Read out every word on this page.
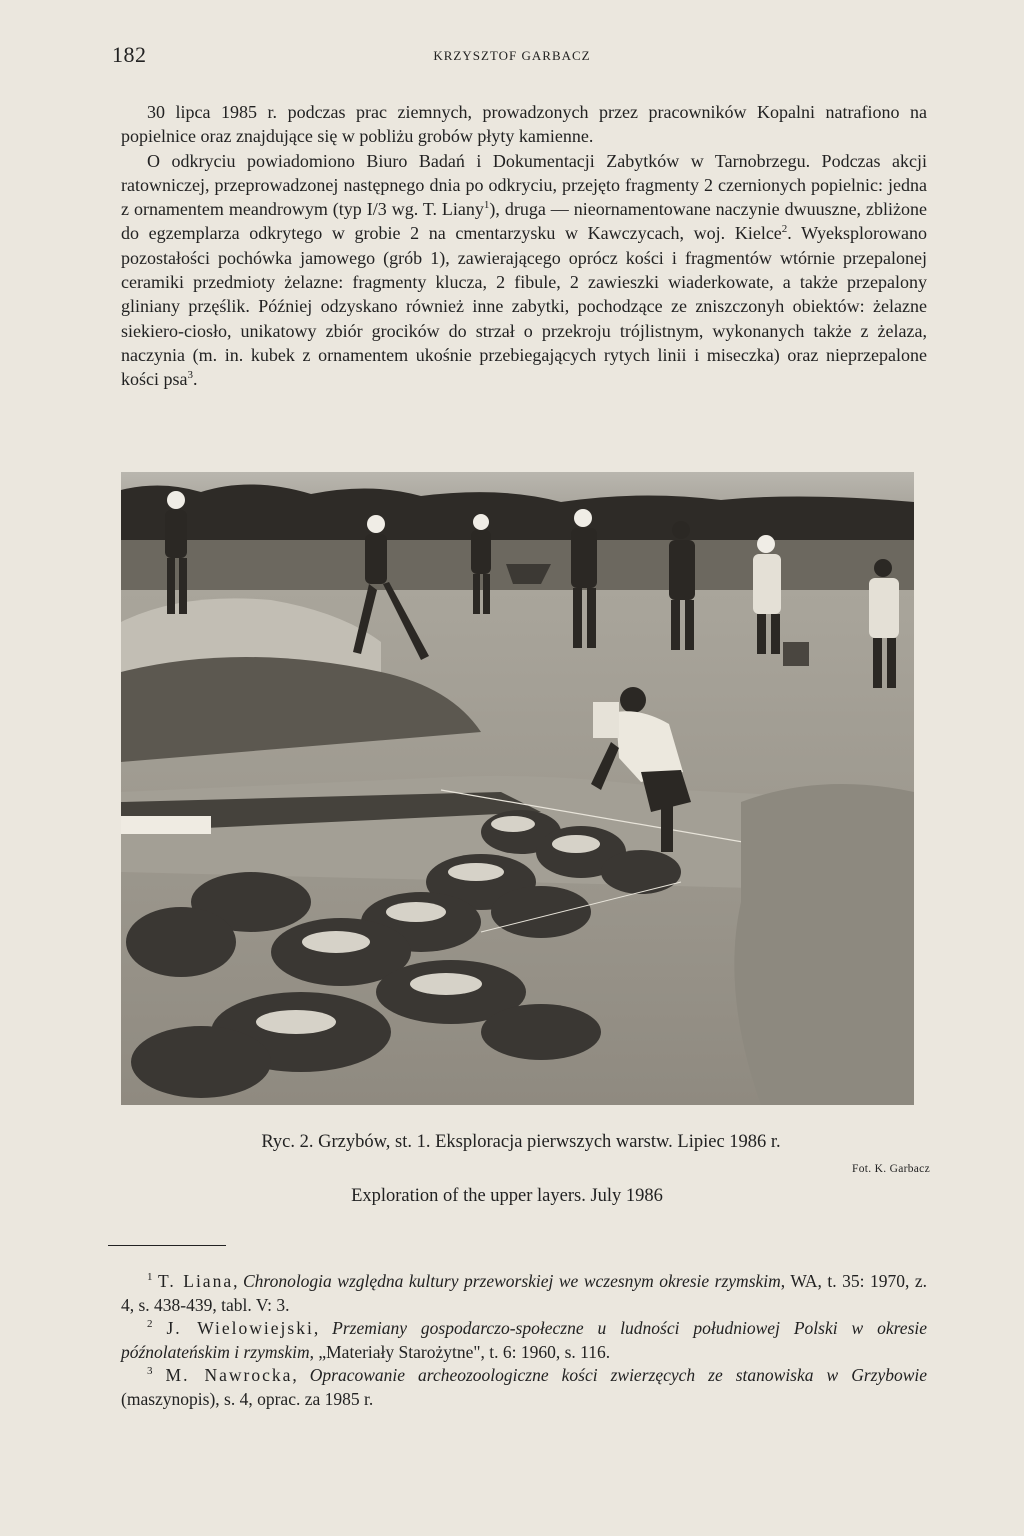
182	KRZYSZTOF GARBACZ

30 lipca 1985 r. podczas prac ziemnych, prowadzonych przez pracowników Kopalni natrafiono na popielnice oraz znajdujące się w pobliżu grobów płyty kamienne.

O odkryciu powiadomiono Biuro Badań i Dokumentacji Zabytków w Tarnobrzegu. Podczas akcji ratowniczej, przeprowadzonej następnego dnia po odkryciu, przejęto fragmenty 2 czernionych popielnic: jedna z ornamentem meandrowym (typ I/3 wg. T. Liany$^1$), druga — nieornamentowane naczynie dwuuszne, zbliżone do egzemplarza odkrytego w grobie 2 na cmentarzysku w Kawczycach, woj. Kielce$^2$. Wyeksplorowano pozostałości pochówka jamowego (grób 1), zawierającego oprócz kości i fragmentów wtórnie przepalonej ceramiki przedmioty żelazne: fragmenty klucza, 2 fibule, 2 zawieszki wiaderkowate, a także przepalony gliniany przęślik. Później odzyskano również inne zabytki, pochodzące ze zniszczonyh obiektów: żelazne siekiero-ciosło, unikatowy zbiór grocików do strzał o przekroju trójlistnym, wykonanych także z żelaza, naczynia (m. in. kubek z ornamentem ukośnie przebiegających rytych linii i miseczka) oraz nieprzepalone kości psa$^3$.

Ryc. 2. Grzybów, st. 1. Eksploracja pierwszych warstw. Lipiec 1986 r.
Fot. K. Garbacz
Exploration of the upper layers. July 1986

$^1$ T. Liana, Chronologia względna kultury przeworskiej we wczesnym okresie rzymskim, WA, t. 35: 1970, z. 4, s. 438-439, tabl. V: 3.

$^2$ J. Wielowiejski, Przemiany gospodarczo-społeczne u ludności południowej Polski w okresie późnolateńskim i rzymskim, „Materiały Starożytne", t. 6: 1960, s. 116.

$^3$ M. Nawrocka, Opracowanie archeozoologiczne kości zwierzęcych ze stanowiska w Grzybowie (maszynopis), s. 4, oprac. za 1985 r.
